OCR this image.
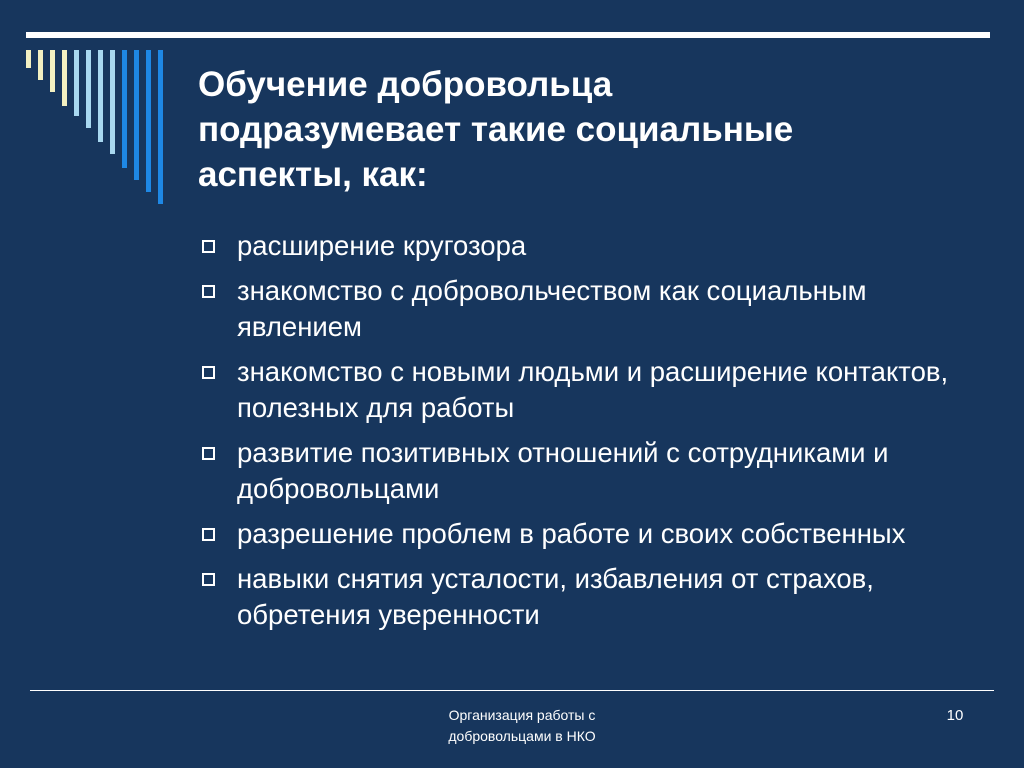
Обучение добровольца
подразумевает такие социальные
аспекты, как:
расширение кругозора
знакомство с добровольчеством как социальным явлением
знакомство с новыми людьми и расширение контактов, полезных для работы
развитие позитивных отношений с сотрудниками и добровольцами
разрешение проблем в работе и своих собственных
навыки снятия усталости, избавления от страхов, обретения уверенности
Организация работы с
добровольцами в НКО
10
